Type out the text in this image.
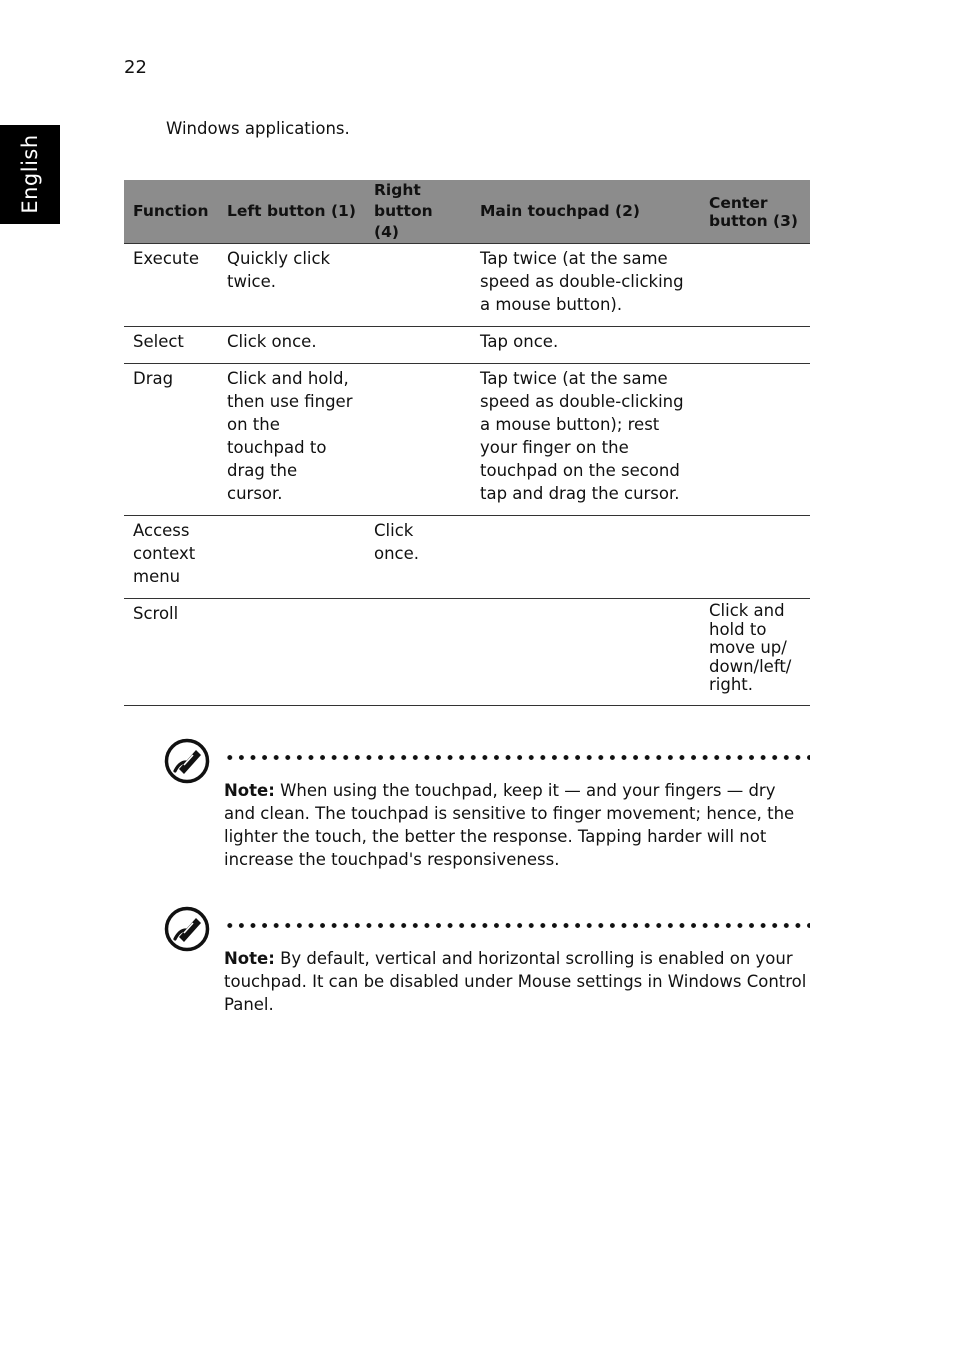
22
English
Windows applications.
Function	Left button (1)	Right button (4)	Main touchpad (2)	Center button (3)
Execute	Quickly click twice.		Tap twice (at the same speed as double-clicking a mouse button).	
Select	Click once.		Tap once.	
Drag	Click and hold, then use finger on the touchpad to drag the cursor.		Tap twice (at the same speed as double-clicking a mouse button); rest your finger on the touchpad on the second tap and drag the cursor.	
Access context menu		Click once.		
Scroll				Click and hold to move up/ down/left/ right.
Note: When using the touchpad, keep it — and your fingers — dry and clean. The touchpad is sensitive to finger movement; hence, the lighter the touch, the better the response. Tapping harder will not increase the touchpad's responsiveness.
Note: By default, vertical and horizontal scrolling is enabled on your touchpad. It can be disabled under Mouse settings in Windows Control Panel.
